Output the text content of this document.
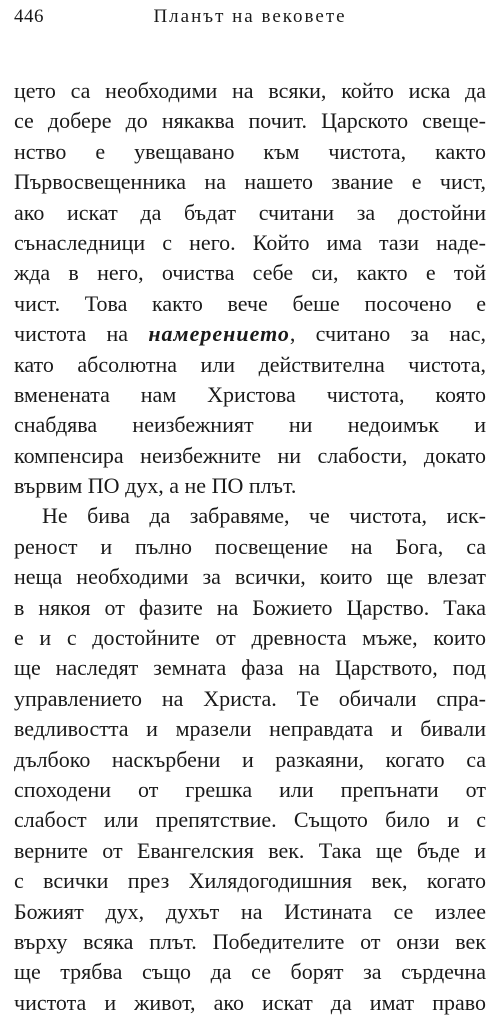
446	Планът на вековете
цето са необходими на всяки, който иска да
се добере до някаква почит. Царското свеще-
нство е увещавано към чистота, както
Първосвещенника на нашето звание е чист,
ако искат да бъдат считани за достойни
сънаследници с него. Който има тази наде-
жда в него, очиства себе си, както е той
чист. Това както вече беше посочено е
чистота на намерението, считано за нас,
като абсолютна или действителна чистота,
вменената нам Христова чистота, която
снабдява неизбежният ни недоимък и
компенсира неизбежните ни слабости, докато
вървим ПО дух, а не ПО плът.
Не бива да забравяме, че чистота, иск-
реност и пълно посвещение на Бога, са
неща необходими за всички, които ще влезат
в някоя от фазите на Божието Царство. Така
е и с достойните от древноста мъже, които
ще наследят земната фаза на Царството, под
управлението на Христа. Те обичали спра-
ведливостта и мразели неправдата и бивали
дълбоко наскърбени и разкаяни, когато са
споходени от грешка или препънати от
слабост или препятствие. Същото било и с
верните от Евангелския век. Така ще бъде и
с всички през Хилядогодишния век, когато
Божият дух, духът на Истината се излее
върху всяка плът. Победителите от онзи век
ще трябва също да се борят за сърдечна
чистота и живот, ако искат да имат право
